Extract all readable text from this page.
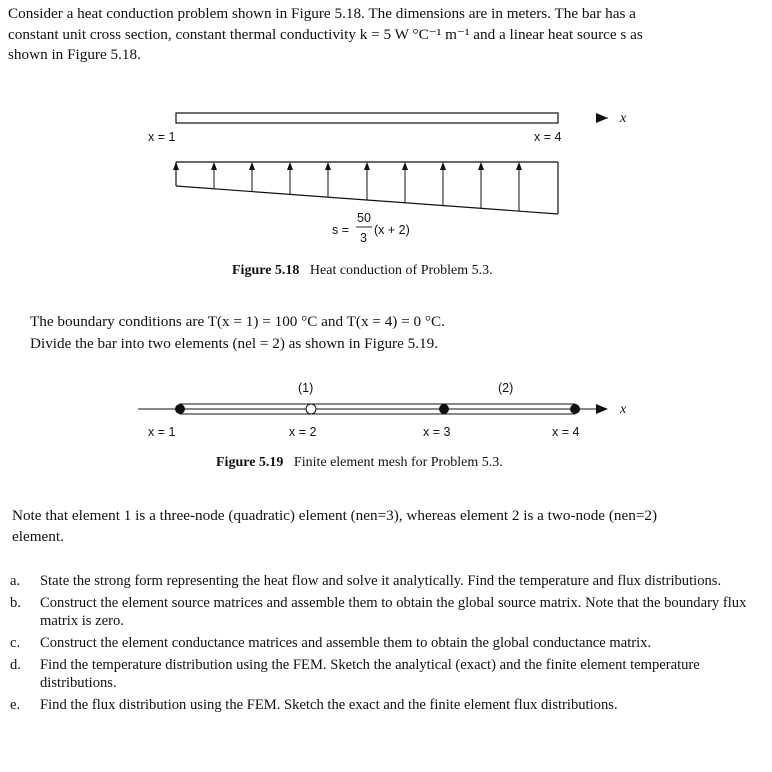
Consider a heat conduction problem shown in Figure 5.18. The dimensions are in meters. The bar has a

constant unit cross section, constant thermal conductivity k = 5 W °C⁻¹ m⁻¹ and a linear heat source s as

shown in Figure 5.18.

x
x = 1	x = 4
s =
50
3
(x + 2)
Figure 5.18 Heat conduction of Problem 5.3.
The boundary conditions are T(x = 1) = 100 °C and T(x = 4) = 0 °C.
Divide the bar into two elements (nel = 2) as shown in Figure 5.19.
(1)	(2)
x
x = 1	x = 2	x = 3	x = 4
Figure 5.19 Finite element mesh for Problem 5.3.

Note that element 1 is a three-node (quadratic) element (nen=3), whereas element 2 is a two-node (nen=2)

element.

a.	State the strong form representing the heat flow and solve it analytically. Find the temperature and flux distributions.
b.	Construct the element source matrices and assemble them to obtain the global source matrix. Note that the boundary flux matrix is zero.
c.	Construct the element conductance matrices and assemble them to obtain the global conductance matrix.
d.	Find the temperature distribution using the FEM. Sketch the analytical (exact) and the finite element temperature distributions.
e.	Find the flux distribution using the FEM. Sketch the exact and the finite element flux distributions.
